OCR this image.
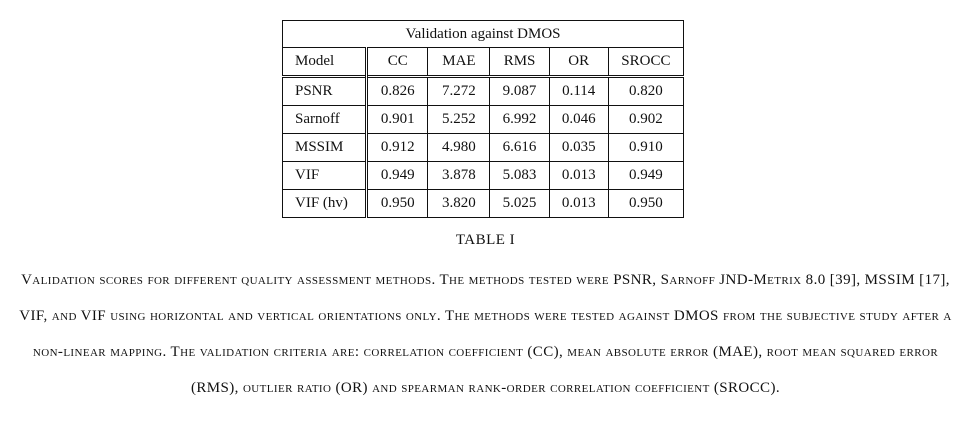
Validation against DMOS					
Model	CC	MAE	RMS	OR	SROCC
PSNR	0.826	7.272	9.087	0.114	0.820
Sarnoff	0.901	5.252	6.992	0.046	0.902
MSSIM	0.912	4.980	6.616	0.035	0.910
VIF	0.949	3.878	5.083	0.013	0.949
VIF (hv)	0.950	3.820	5.025	0.013	0.950
TABLE I
Validation scores for different quality assessment methods. The methods tested were PSNR, Sarnoff JND-Metrix 8.0 [39], MSSIM [17], VIF, and VIF using horizontal and vertical orientations only. The methods were tested against DMOS from the subjective study after a non-linear mapping. The validation criteria are: correlation coefficient (CC), mean absolute error (MAE), root mean squared error (RMS), outlier ratio (OR) and spearman rank-order correlation coefficient (SROCC).
